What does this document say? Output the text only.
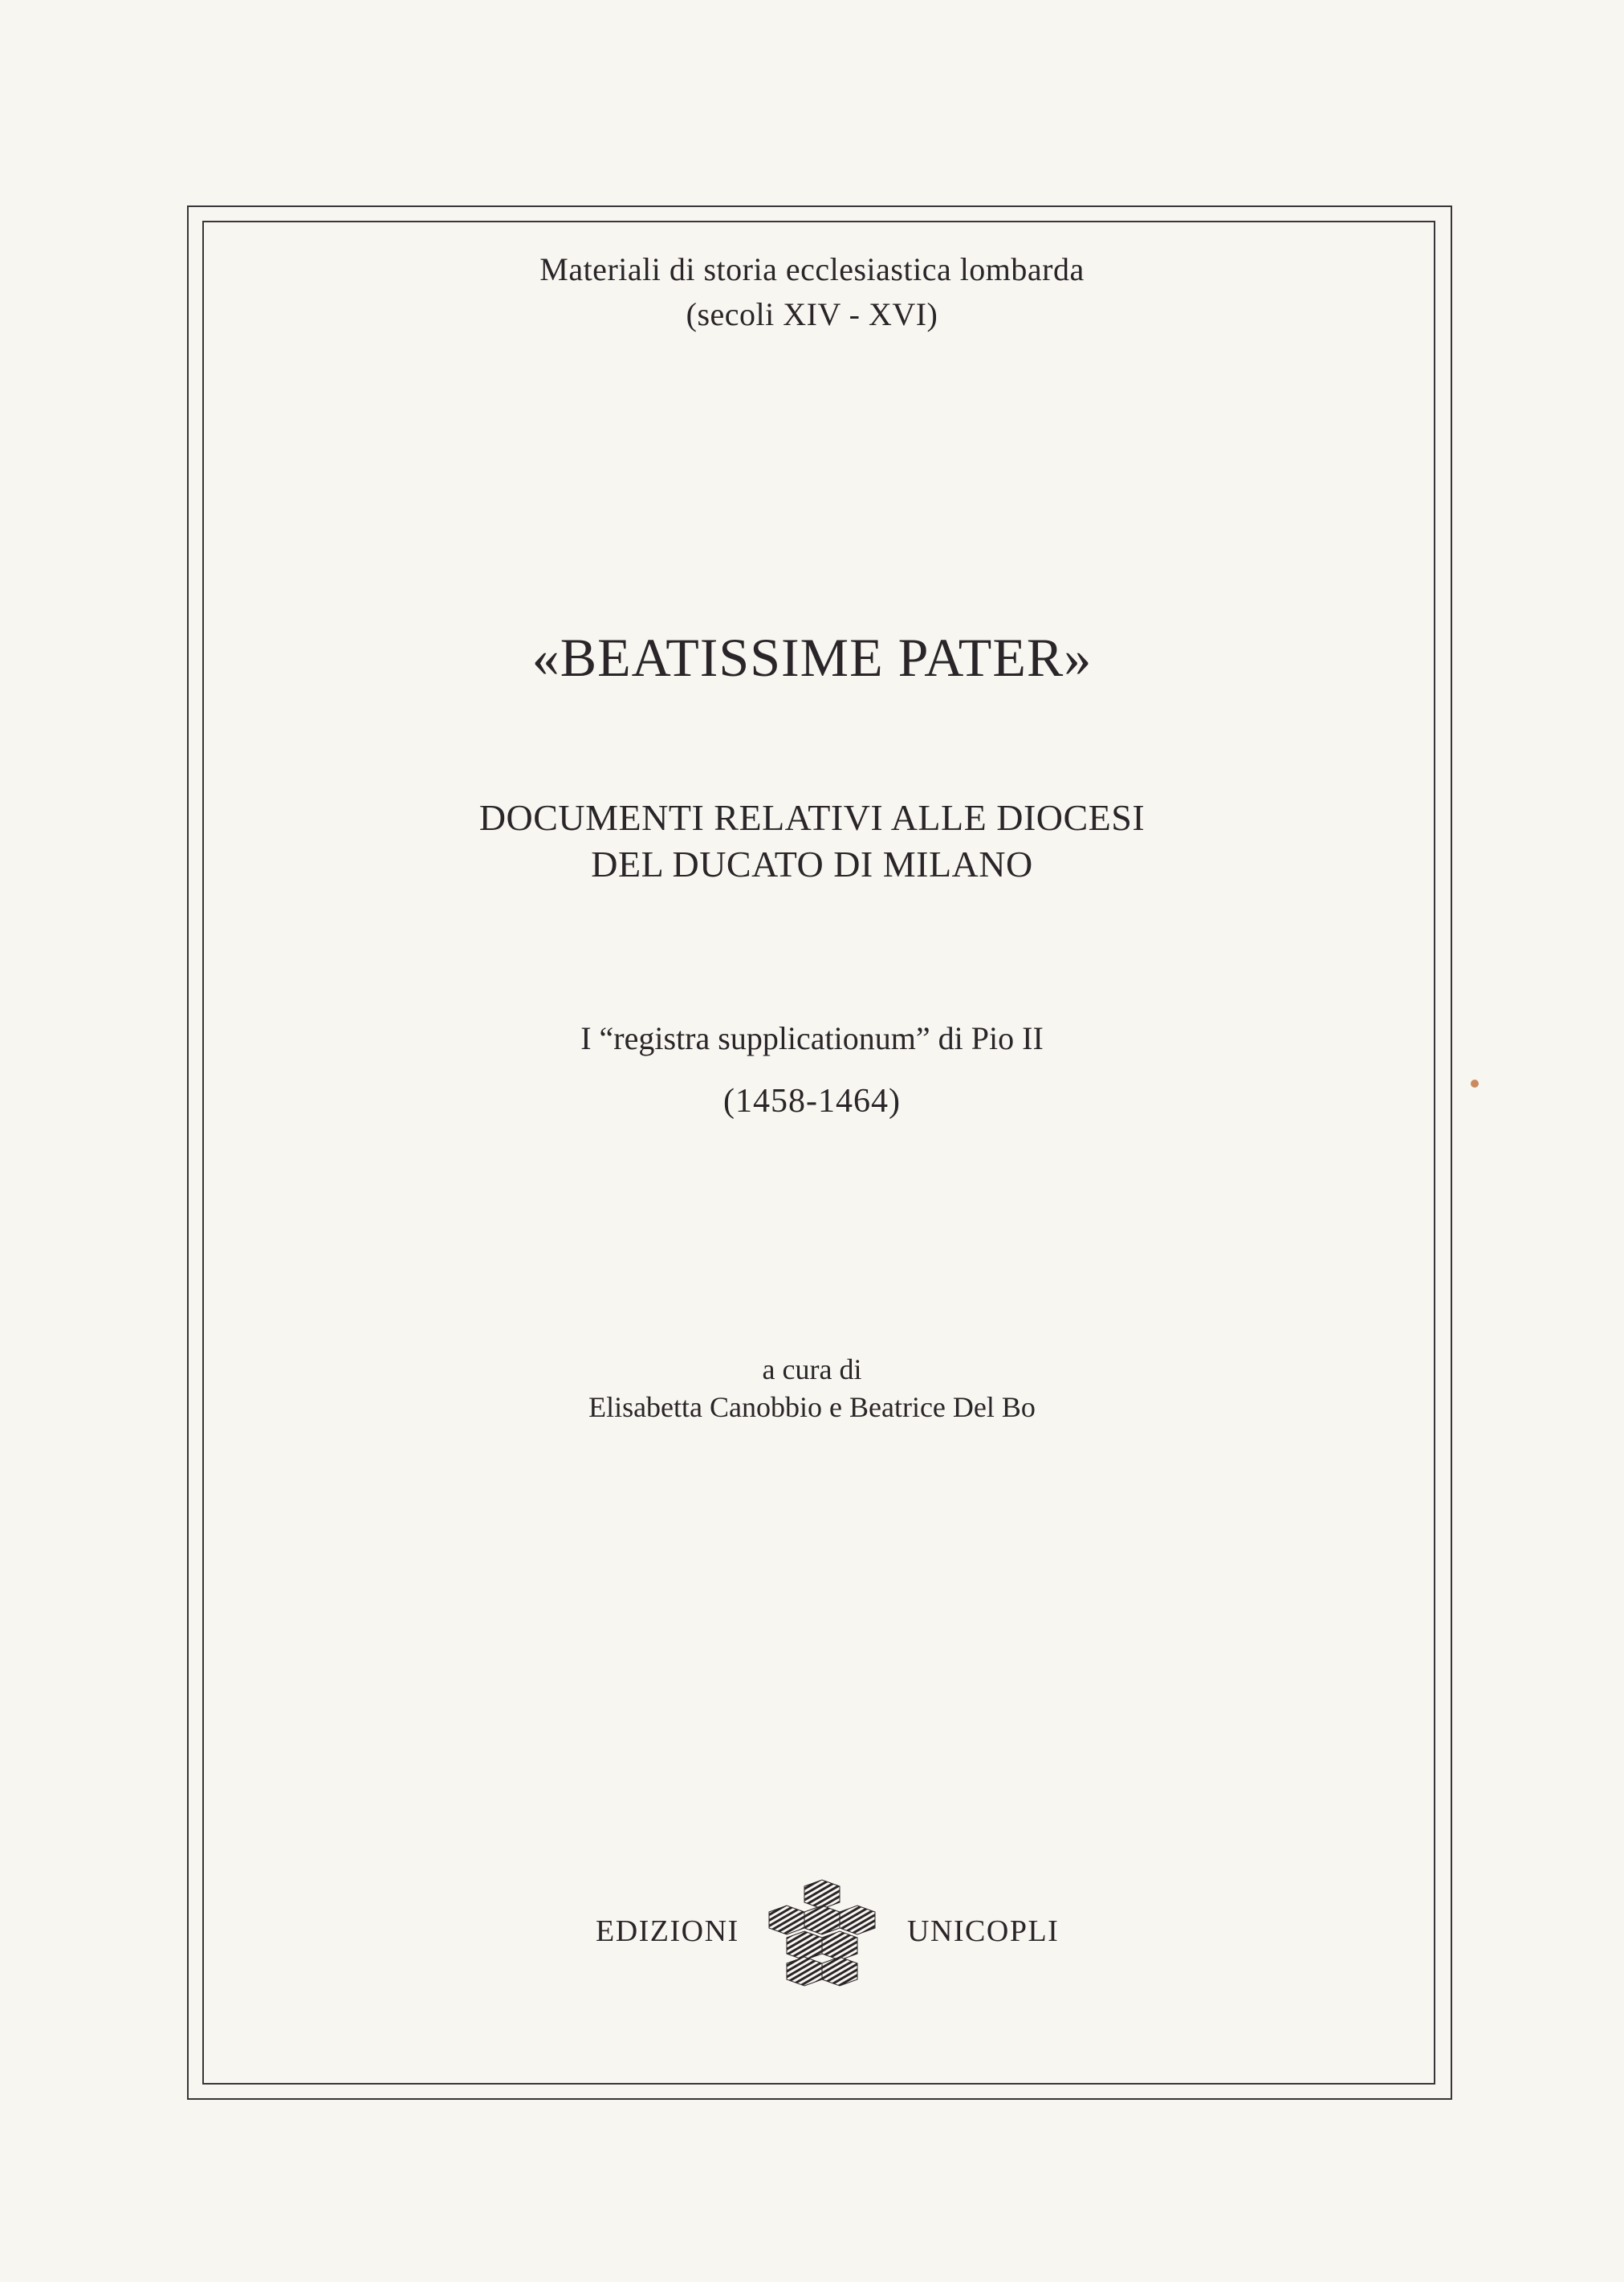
Materiali di storia ecclesiastica lombarda
(secoli XIV - XVI)
«BEATISSIME PATER»
DOCUMENTI RELATIVI ALLE DIOCESI
DEL DUCATO DI MILANO
I “registra supplicationum” di Pio II
(1458-1464)
a cura di
Elisabetta Canobbio e Beatrice Del Bo
EDIZIONI	UNICOPLI
